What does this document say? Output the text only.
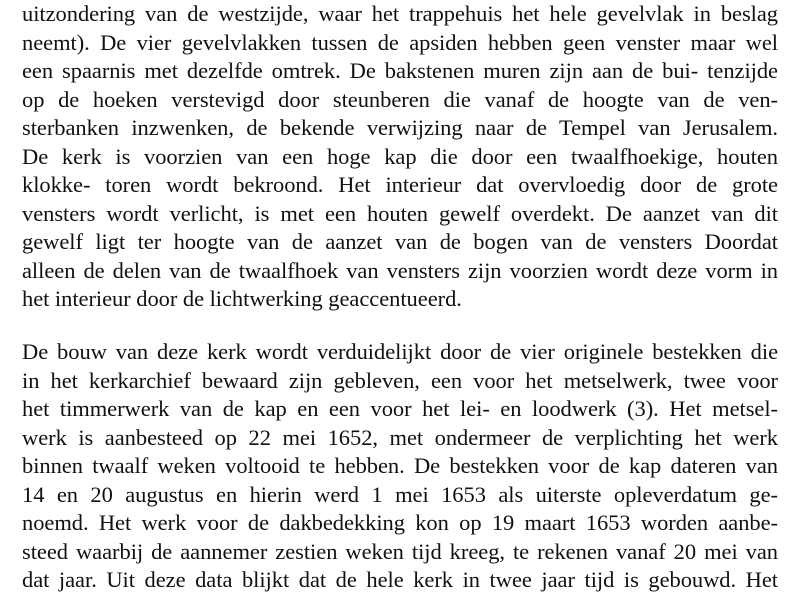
uitzondering van de westzijde, waar het trappehuis het hele gevelvlak in beslag
neemt). De vier gevelvlakken tussen de apsiden hebben geen venster maar wel
een spaarnis met dezelfde omtrek. De bakstenen muren zijn aan de bui- tenzijde
op de hoeken verstevigd door steunberen die vanaf de hoogte van de ven-
sterbanken inzwenken, de bekende verwijzing naar de Tempel van Jerusalem.
De kerk is voorzien van een hoge kap die door een twaalfhoekige, houten
klokke- toren wordt bekroond. Het interieur dat overvloedig door de grote
vensters wordt verlicht, is met een houten gewelf overdekt. De aanzet van dit
gewelf ligt ter hoogte van de aanzet van de bogen van de vensters Doordat
alleen de delen van de twaalfhoek van vensters zijn voorzien wordt deze vorm in
het interieur door de lichtwerking geaccentueerd.
De bouw van deze kerk wordt verduidelijkt door de vier originele bestekken die
in het kerkarchief bewaard zijn gebleven, een voor het metselwerk, twee voor
het timmerwerk van de kap en een voor het lei- en loodwerk (3). Het metsel-
werk is aanbesteed op 22 mei 1652, met ondermeer de verplichting het werk
binnen twaalf weken voltooid te hebben. De bestekken voor de kap dateren van
14 en 20 augustus en hierin werd 1 mei 1653 als uiterste opleverdatum ge-
noemd. Het werk voor de dakbedekking kon op 19 maart 1653 worden aanbe-
steed waarbij de aannemer zestien weken tijd kreeg, te rekenen vanaf 20 mei van
dat jaar. Uit deze data blijkt dat de hele kerk in twee jaar tijd is gebouwd. Het
